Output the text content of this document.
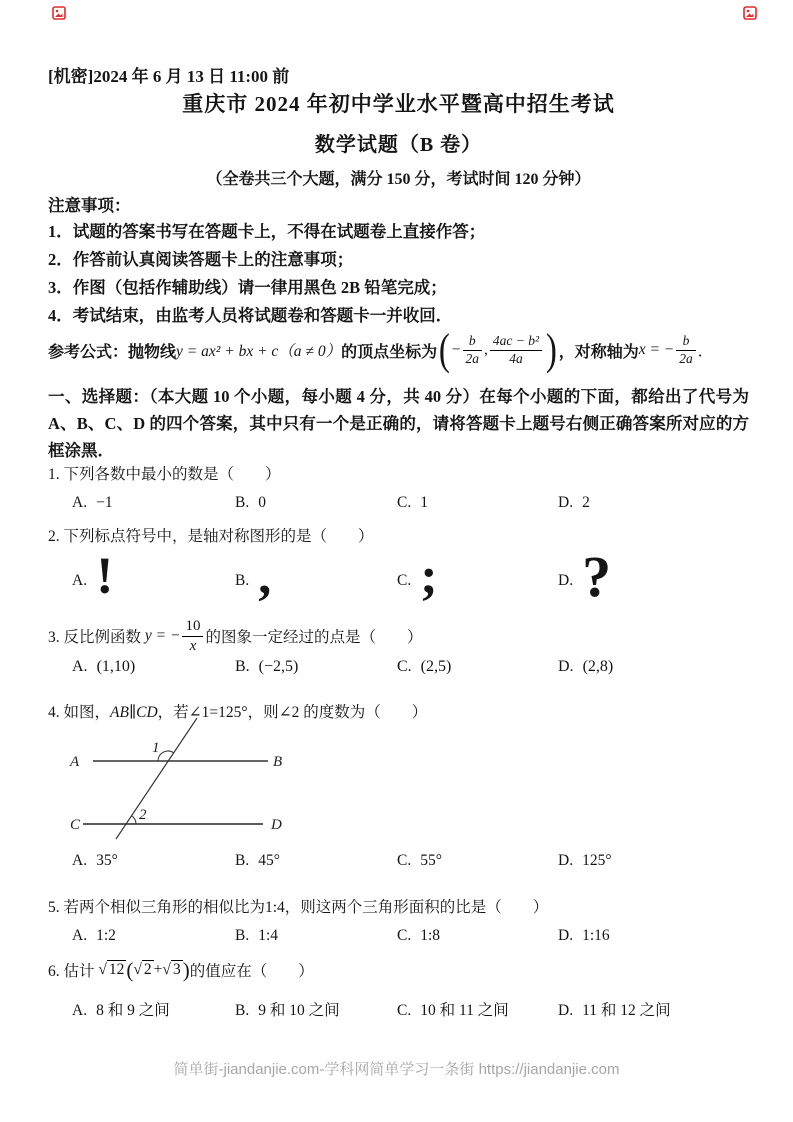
[机密]2024 年 6 月 13 日 11:00 前
重庆市 2024 年初中学业水平暨高中招生考试
数学试题（B 卷）
（全卷共三个大题，满分 150 分，考试时间 120 分钟）
注意事项：
1．试题的答案书写在答题卡上，不得在试题卷上直接作答；
2．作答前认真阅读答题卡上的注意事项；
3．作图（包括作辅助线）请一律用黑色 2B 铅笔完成；
4．考试结束，由监考人员将试题卷和答题卡一并收回．
参考公式：抛物线 y = ax² + bx + c（a ≠ 0） 的顶点坐标为 ( − $\frac{b}{2a}$ ,
4ac − b²
4a ) ，对称轴为 x = − $\frac{b}{2a}$ ．
一、选择题：（本大题 10 个小题，每小题 4 分，共 40 分）在每个小题的下面，都给出了代号为 A、B、C、D 的四个答案，其中只有一个是正确的，请将答题卡上题号右侧正确答案所对应的方框涂黑．
1. 下列各数中最小的数是（　　）
A. −1	B. 0	C. 1	D. 2
2. 下列标点符号中，是轴对称图形的是（　　）
A. !	B. ,	C. ;	D. ?
3. 反比例函数
y = − $\frac{10}{x}$ 的图象一定经过的点是（　　）
A. (1,10)	B. (−2,5)	C. (2,5)	D. (2,8)
4. 如图，AB∥CD，若∠1=125°，则∠2 的度数为（　　）
A	B
C	D
1
2
A. 35°	B. 45°	C. 55°	D. 125°
5. 若两个相似三角形的相似比为1:4，则这两个三角形面积的比是（　　）
A. 1:2	B. 1:4	C. 1:8	D. 1:16
6. 估计
√ 12 ( √ 2 + √ 3 ) 的值应在（　　）
A. 8 和 9 之间	B. 9 和 10 之间	C. 10 和 11 之间	D. 11 和 12 之间
简单街-jiandanjie.com-学科网简单学习一条街 https://jiandanjie.com
